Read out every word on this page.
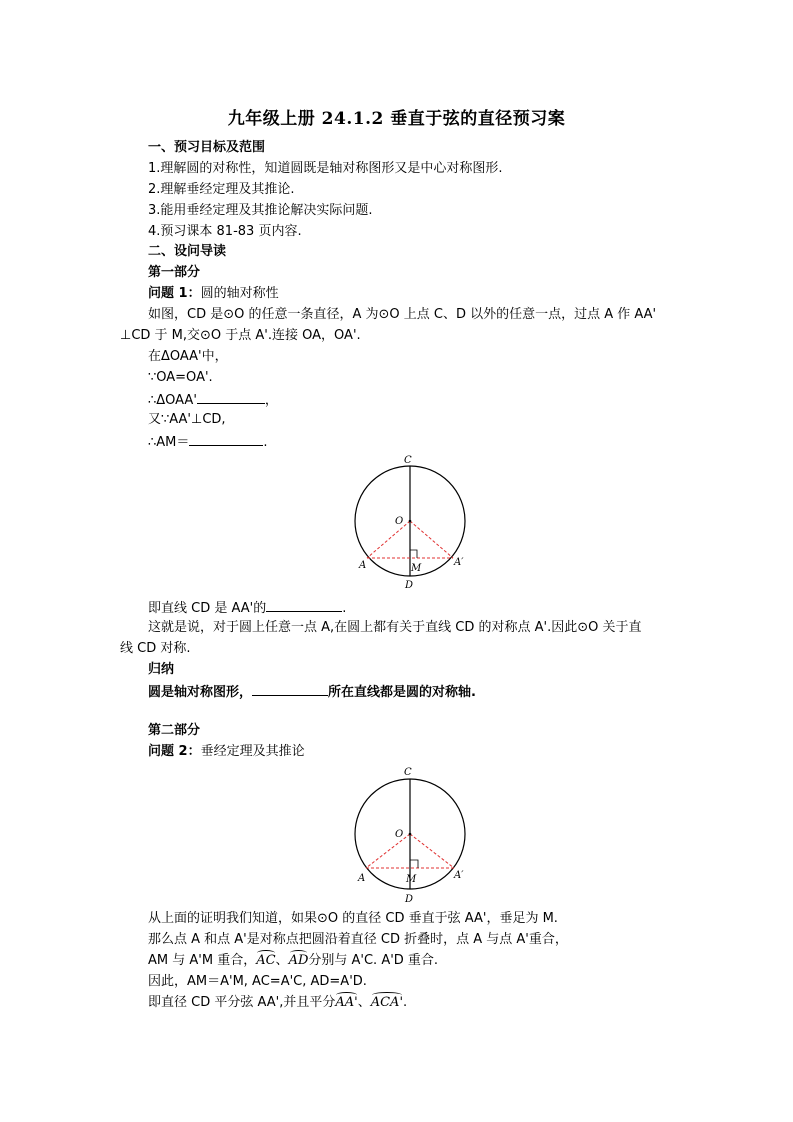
九年级上册 24.1.2 垂直于弦的直径预习案
一、预习目标及范围
1.理解圆的对称性，知道圆既是轴对称图形又是中心对称图形.
2.理解垂经定理及其推论.
3.能用垂经定理及其推论解决实际问题.
4.预习课本 81-83 页内容.
二、设问导读
第一部分
问题 1：圆的轴对称性
如图，CD 是⊙O 的任意一条直径，A 为⊙O 上点 C、D 以外的任意一点，过点 A 作 AA'
⊥CD 于 M,交⊙O 于点 A'.连接 OA，OA'.
在ΔOAA'中，
∵OA=OA'.
∴ΔOAA'	，
又∵AA'⊥CD,
∴AM＝	.
C
O
A	A′
M
D
即直线 CD 是 AA'的	.
这就是说，对于圆上任意一点 A,在圆上都有关于直线 CD 的对称点 A'.因此⊙O 关于直
线 CD 对称.
归纳
圆是轴对称图形，	所在直线都是圆的对称轴.
第二部分
问题 2：垂经定理及其推论
C
O
A	A′
M
D
从上面的证明我们知道，如果⊙O 的直径 CD 垂直于弦 AA'，垂足为 M.
那么点 A 和点 A'是对称点把圆沿着直径 CD 折叠时，点 A 与点 A'重合，
AM 与 A'M 重合，AC、AD分别与 A'C. A'D 重合.
因此，AM＝A'M, AC=A'C, AD=A'D.
即直径 CD 平分弦 AA',并且平分AA'、ACA'.
